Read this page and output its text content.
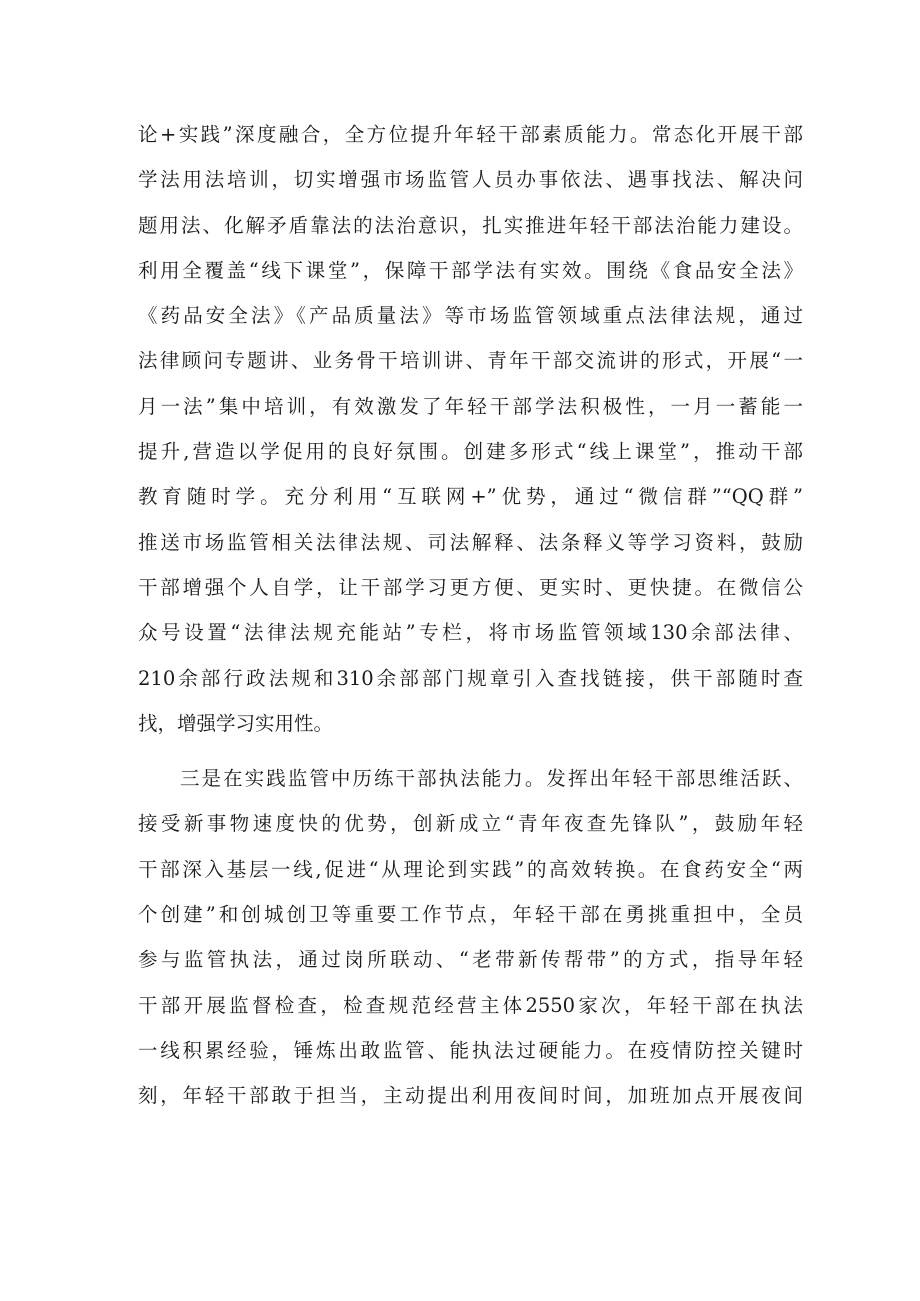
论+实践”深度融合，全方位提升年轻干部素质能力。常态化开展干部
学法用法培训，切实增强市场监管人员办事依法、遇事找法、解决问
题用法、化解矛盾靠法的法治意识，扎实推进年轻干部法治能力建设。
利用全覆盖“线下课堂”，保障干部学法有实效。围绕《食品安全法》
《药品安全法》《产品质量法》等市场监管领域重点法律法规，通过
法律顾问专题讲、业务骨干培训讲、青年干部交流讲的形式，开展“一
月一法”集中培训，有效激发了年轻干部学法积极性，一月一蓄能一
提升,营造以学促用的良好氛围。创建多形式“线上课堂”，推动干部
教育随时学。充分利用“互联网+”优势，通过“微信群”“QQ群”
推送市场监管相关法律法规、司法解释、法条释义等学习资料，鼓励
干部增强个人自学，让干部学习更方便、更实时、更快捷。在微信公
众号设置“法律法规充能站”专栏，将市场监管领域130余部法律、
210余部行政法规和310余部部门规章引入查找链接，供干部随时查
找，增强学习实用性。
三是在实践监管中历练干部执法能力。发挥出年轻干部思维活跃、
接受新事物速度快的优势，创新成立“青年夜查先锋队”，鼓励年轻
干部深入基层一线,促进“从理论到实践”的高效转换。在食药安全“两
个创建”和创城创卫等重要工作节点，年轻干部在勇挑重担中，全员
参与监管执法，通过岗所联动、“老带新传帮带”的方式，指导年轻
干部开展监督检查，检查规范经营主体2550家次，年轻干部在执法
一线积累经验，锤炼出敢监管、能执法过硬能力。在疫情防控关键时
刻，年轻干部敢于担当，主动提出利用夜间时间，加班加点开展夜间
